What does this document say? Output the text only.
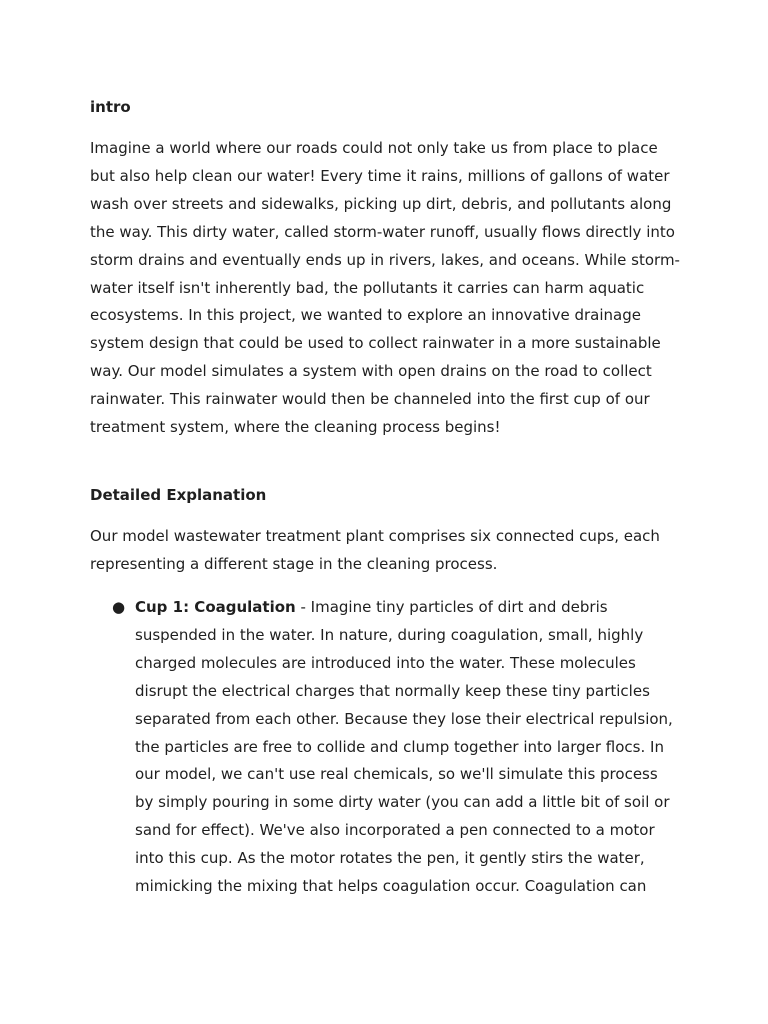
intro

Imagine a world where our roads could not only take us from place to place but also help clean our water! Every time it rains, millions of gallons of water wash over streets and sidewalks, picking up dirt, debris, and pollutants along the way. This dirty water, called storm-water runoff, usually flows directly into storm drains and eventually ends up in rivers, lakes, and oceans. While storm-water itself isn't inherently bad, the pollutants it carries can harm aquatic ecosystems. In this project, we wanted to explore an innovative drainage system design that could be used to collect rainwater in a more sustainable way. Our model simulates a system with open drains on the road to collect rainwater. This rainwater would then be channeled into the first cup of our treatment system, where the cleaning process begins!

Detailed Explanation

Our model wastewater treatment plant comprises six connected cups, each representing a different stage in the cleaning process.

● Cup 1: Coagulation - Imagine tiny particles of dirt and debris suspended in the water. In nature, during coagulation, small, highly charged molecules are introduced into the water. These molecules disrupt the electrical charges that normally keep these tiny particles separated from each other. Because they lose their electrical repulsion, the particles are free to collide and clump together into larger flocs. In our model, we can't use real chemicals, so we'll simulate this process by simply pouring in some dirty water (you can add a little bit of soil or sand for effect). We've also incorporated a pen connected to a motor into this cup. As the motor rotates the pen, it gently stirs the water, mimicking the mixing that helps coagulation occur. Coagulation can
